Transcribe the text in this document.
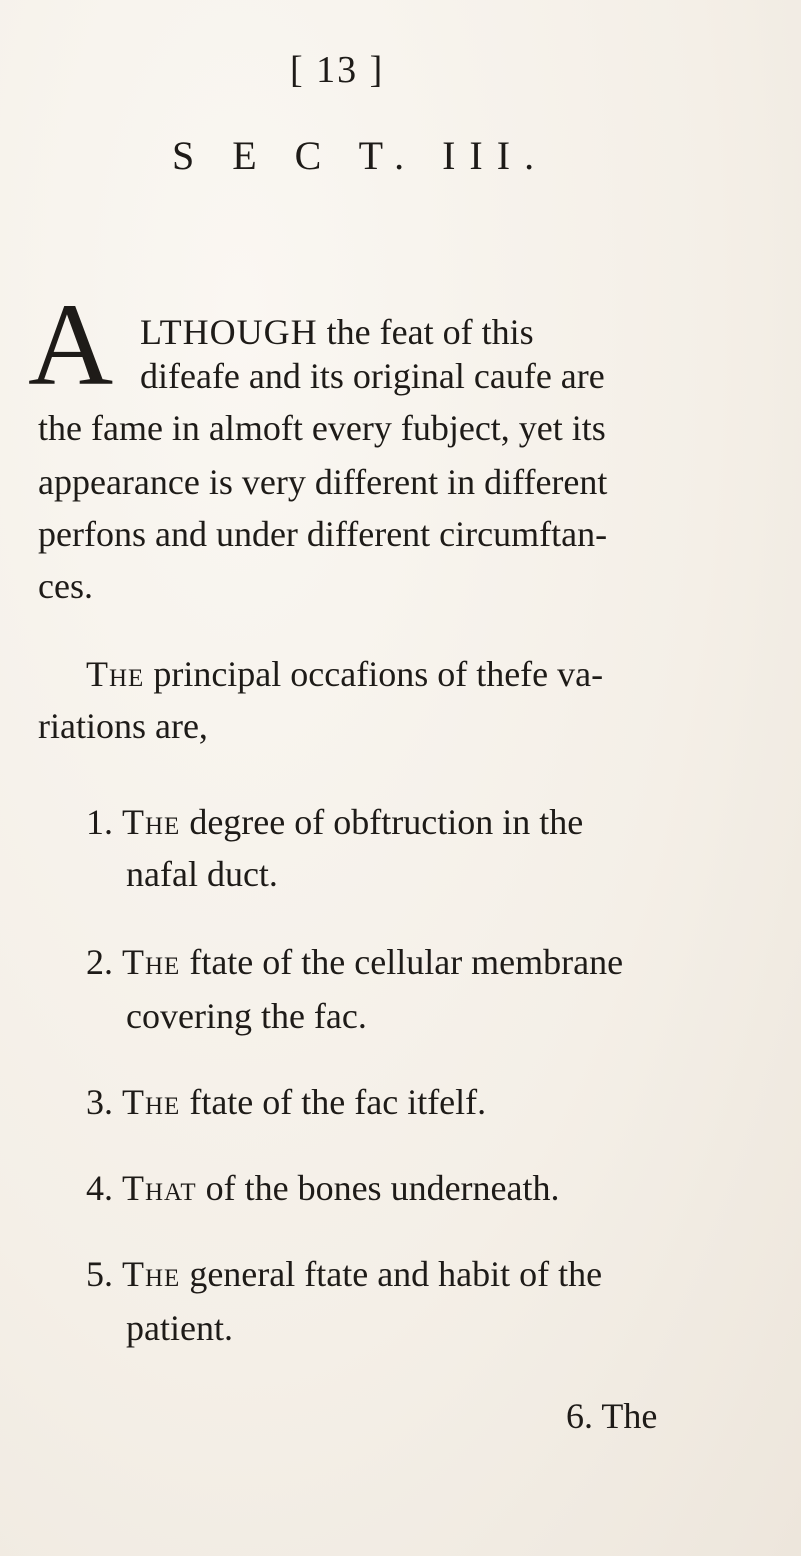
[ 13 ]
S E C T. III.
A LTHOUGH the feat of this
difeafe and its original caufe are
the fame in almoft every fubject, yet its
appearance is very different in different
perfons and under different circumftan-
ces.
The principal occafions of thefe va-
riations are,
1. The degree of obftruction in the
nafal duct.
2. The ftate of the cellular membrane
covering the fac.
3. The ftate of the fac itfelf.
4. That of the bones underneath.
5. The general ftate and habit of the
patient.
6. The
